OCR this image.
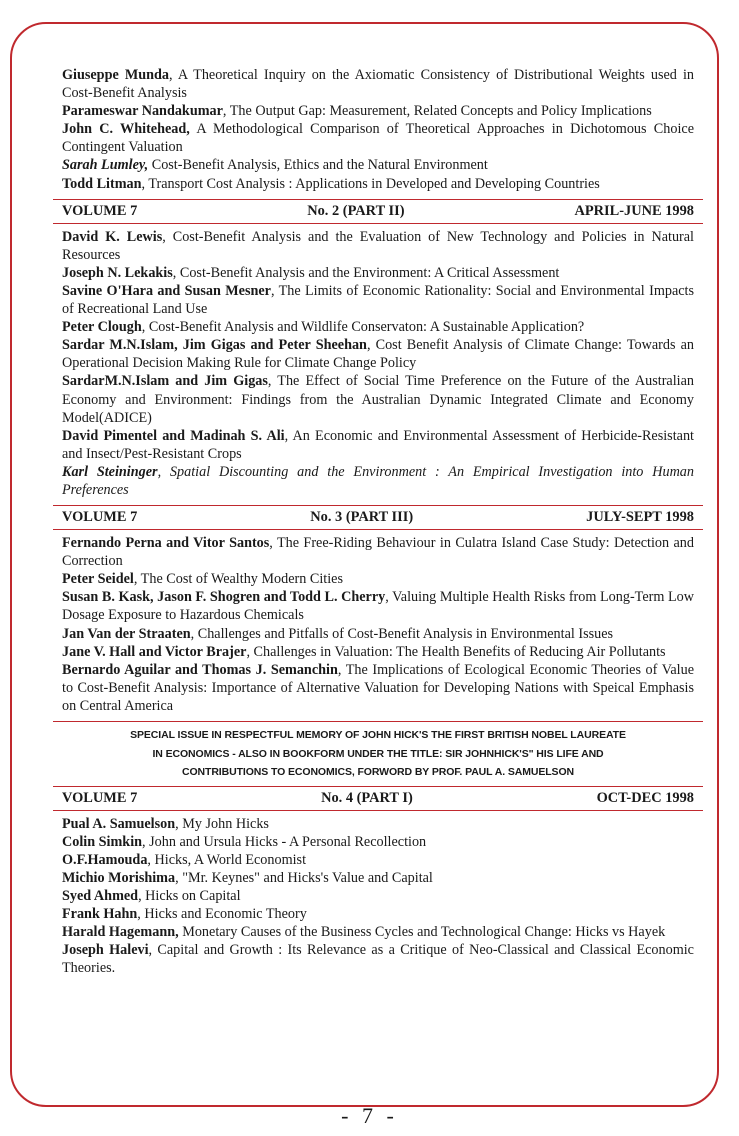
Giuseppe Munda, A Theoretical Inquiry on the Axiomatic Consistency of Distributional Weights used in Cost-Benefit Analysis

Parameswar Nandakumar, The Output Gap: Measurement, Related Concepts and Policy Implications

John C. Whitehead, A Methodological Comparison of Theoretical Approaches in Dichotomous Choice Contingent Valuation

Sarah Lumley, Cost-Benefit Analysis, Ethics and the Natural Environment

Todd Litman, Transport Cost Analysis : Applications in Developed and Developing Countries

VOLUME 7	No. 2 (PART II)	APRIL-JUNE 1998

David K. Lewis, Cost-Benefit Analysis and the Evaluation of New Technology and Policies in Natural Resources

Joseph N. Lekakis, Cost-Benefit Analysis and the Environment: A Critical Assessment

Savine O'Hara and Susan Mesner, The Limits of Economic Rationality: Social and Environmental Impacts of Recreational Land Use

Peter Clough, Cost-Benefit Analysis and Wildlife Conservaton: A Sustainable Application?

Sardar M.N.Islam, Jim Gigas and Peter Sheehan, Cost Benefit Analysis of Climate Change: Towards an Operational Decision Making Rule for Climate Change Policy

SardarM.N.Islam and Jim Gigas, The Effect of Social Time Preference on the Future of the Australian Economy and Environment: Findings from the Australian Dynamic Integrated Climate and Economy Model(ADICE)

David Pimentel and Madinah S. Ali, An Economic and Environmental Assessment of Herbicide-Resistant and Insect/Pest-Resistant Crops

Karl Steininger, Spatial Discounting and the Environment : An Empirical Investigation into Human Preferences

VOLUME 7	No. 3 (PART III)	JULY-SEPT 1998

Fernando Perna and Vitor Santos, The Free-Riding Behaviour in Culatra Island Case Study: Detection and Correction

Peter Seidel, The Cost of Wealthy Modern Cities

Susan B. Kask, Jason F. Shogren and Todd L. Cherry, Valuing Multiple Health Risks from Long-Term Low Dosage Exposure to Hazardous Chemicals

Jan Van der Straaten, Challenges and Pitfalls of Cost-Benefit Analysis in Environmental Issues

Jane V. Hall and Victor Brajer, Challenges in Valuation: The Health Benefits of Reducing Air Pollutants

Bernardo Aguilar and Thomas J. Semanchin, The Implications of Ecological Economic Theories of Value to Cost-Benefit Analysis: Importance of Alternative Valuation for Developing Nations with Speical Emphasis on Central America

SPECIAL ISSUE IN RESPECTFUL MEMORY OF JOHN HICK'S THE FIRST BRITISH NOBEL LAUREATE
IN ECONOMICS - ALSO IN BOOKFORM UNDER THE TITLE: SIR JOHNHICK'S" HIS LIFE AND
CONTRIBUTIONS TO ECONOMICS, FORWORD BY PROF. PAUL A. SAMUELSON
VOLUME 7	No. 4 (PART I)	OCT-DEC 1998

Pual A. Samuelson, My John Hicks

Colin Simkin, John and Ursula Hicks - A Personal Recollection

O.F.Hamouda, Hicks, A World Economist

Michio Morishima, "Mr. Keynes" and Hicks's Value and Capital

Syed Ahmed, Hicks on Capital

Frank Hahn, Hicks and Economic Theory

Harald Hagemann, Monetary Causes of the Business Cycles and Technological Change: Hicks vs Hayek

Joseph Halevi, Capital and Growth : Its Relevance as a Critique of Neo-Classical and Classical Economic Theories.

- 7 -
